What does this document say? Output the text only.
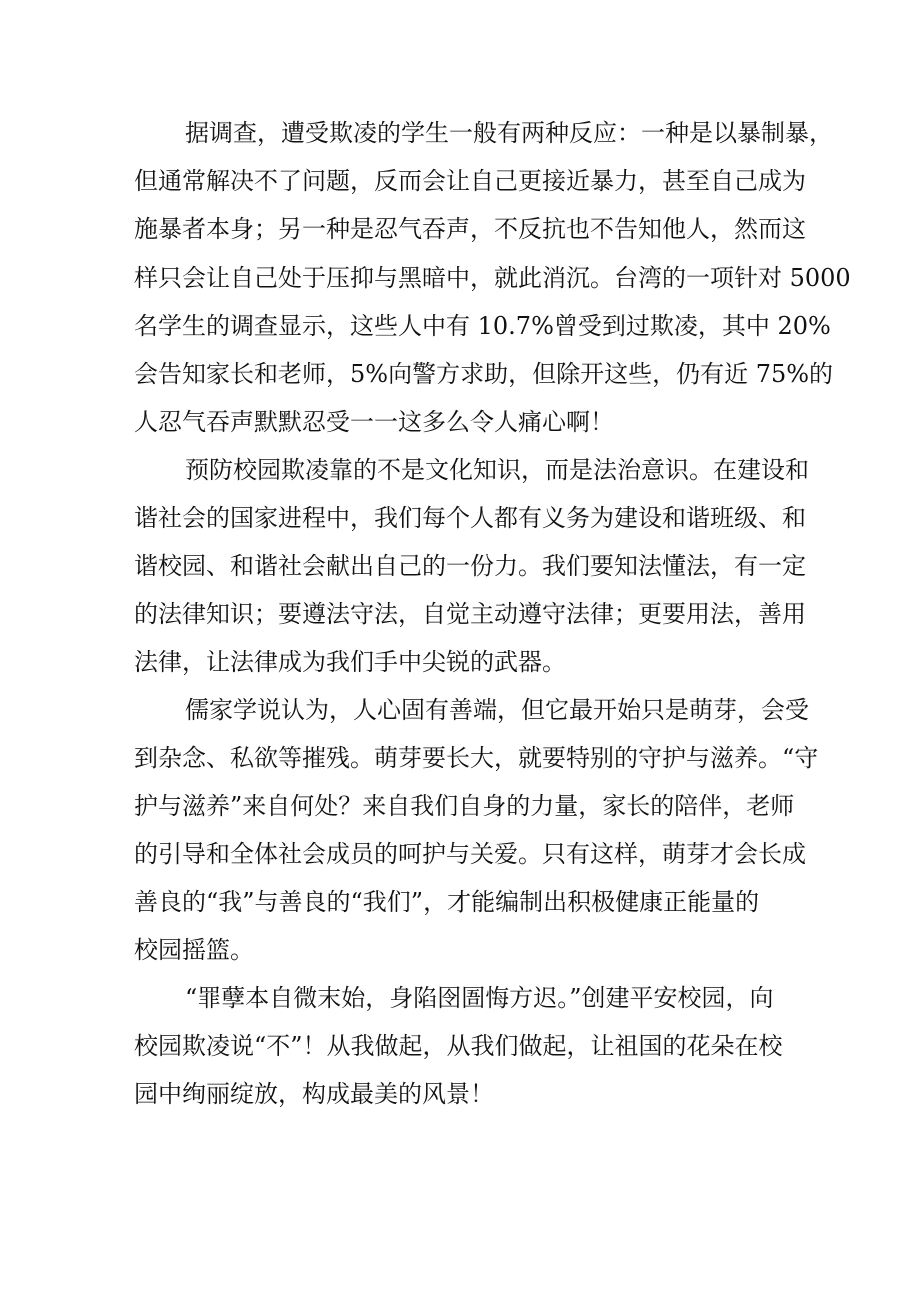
据调查，遭受欺凌的学生一般有两种反应：一种是以暴制暴，
但通常解决不了问题，反而会让自己更接近暴力，甚至自己成为
施暴者本身；另一种是忍气吞声，不反抗也不告知他人，然而这
样只会让自己处于压抑与黑暗中，就此消沉。台湾的一项针对 5000
名学生的调查显示，这些人中有 10.7%曾受到过欺凌，其中 20%
会告知家长和老师，5%向警方求助，但除开这些，仍有近 75%的
人忍气吞声默默忍受一一这多么令人痛心啊！
预防校园欺凌靠的不是文化知识，而是法治意识。在建设和
谐社会的国家进程中，我们每个人都有义务为建设和谐班级、和
谐校园、和谐社会献出自己的一份力。我们要知法懂法，有一定
的法律知识；要遵法守法，自觉主动遵守法律；更要用法，善用
法律，让法律成为我们手中尖锐的武器。
儒家学说认为，人心固有善端，但它最开始只是萌芽，会受
到杂念、私欲等摧残。萌芽要长大，就要特别的守护与滋养。“守
护与滋养”来自何处？来自我们自身的力量，家长的陪伴，老师
的引导和全体社会成员的呵护与关爱。只有这样，萌芽才会长成
善良的“我”与善良的“我们”，才能编制出积极健康正能量的
校园摇篮。
“罪孽本自微末始，身陷囹圄悔方迟。”创建平安校园，向
校园欺凌说“不”！从我做起，从我们做起，让祖国的花朵在校
园中绚丽绽放，构成最美的风景！
